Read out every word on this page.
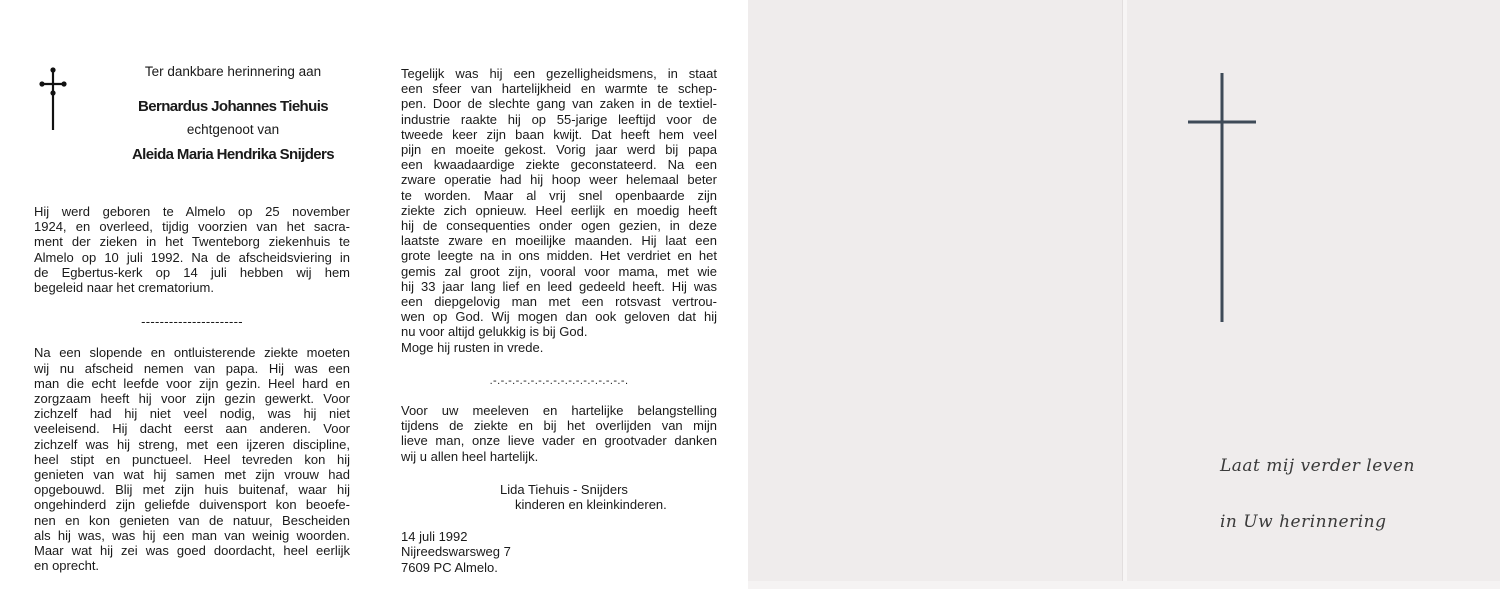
Ter dankbare herinnering aan
Bernardus Johannes Tiehuis
echtgenoot van
Aleida Maria Hendrika Snijders
Hij werd geboren te Almelo op 25 november
1924, en overleed, tijdig voorzien van het sacra-
ment der zieken in het Twenteborg ziekenhuis te
Almelo op 10 juli 1992. Na de afscheidsviering in
de Egbertus-kerk op 14 juli hebben wij hem
begeleid naar het crematorium.
----------------------
Na een slopende en ontluisterende ziekte moeten
wij nu afscheid nemen van papa. Hij was een
man die echt leefde voor zijn gezin. Heel hard en
zorgzaam heeft hij voor zijn gezin gewerkt. Voor
zichzelf had hij niet veel nodig, was hij niet
veeleisend. Hij dacht eerst aan anderen. Voor
zichzelf was hij streng, met een ijzeren discipline,
heel stipt en punctueel. Heel tevreden kon hij
genieten van wat hij samen met zijn vrouw had
opgebouwd. Blij met zijn huis buitenaf, waar hij
ongehinderd zijn geliefde duivensport kon beoefe-
nen en kon genieten van de natuur, Bescheiden
als hij was, was hij een man van weinig woorden.
Maar wat hij zei was goed doordacht, heel eerlijk
en oprecht.
Tegelijk was hij een gezelligheidsmens, in staat
een sfeer van hartelijkheid en warmte te schep-
pen. Door de slechte gang van zaken in de textiel-
industrie raakte hij op 55-jarige leeftijd voor de
tweede keer zijn baan kwijt. Dat heeft hem veel
pijn en moeite gekost. Vorig jaar werd bij papa
een kwaadaardige ziekte geconstateerd. Na een
zware operatie had hij hoop weer helemaal beter
te worden. Maar al vrij snel openbaarde zijn
ziekte zich opnieuw. Heel eerlijk en moedig heeft
hij de consequenties onder ogen gezien, in deze
laatste zware en moeilijke maanden. Hij laat een
grote leegte na in ons midden. Het verdriet en het
gemis zal groot zijn, vooral voor mama, met wie
hij 33 jaar lang lief en leed gedeeld heeft. Hij was
een diepgelovig man met een rotsvast vertrou-
wen op God. Wij mogen dan ook geloven dat hij
nu voor altijd gelukkig is bij God.
Moge hij rusten in vrede.
.-.-.-.-.-.-.-.-.-.-.-.-.-.-.-.-.-.-.
Voor uw meeleven en hartelijke belangstelling
tijdens de ziekte en bij het overlijden van mijn
lieve man, onze lieve vader en grootvader danken
wij u allen heel hartelijk.
Lida Tiehuis - Snijders
kinderen en kleinkinderen.
14 juli 1992
Nijreedswarsweg 7
7609 PC Almelo.
Laat mij verder leven
in Uw herinnering
